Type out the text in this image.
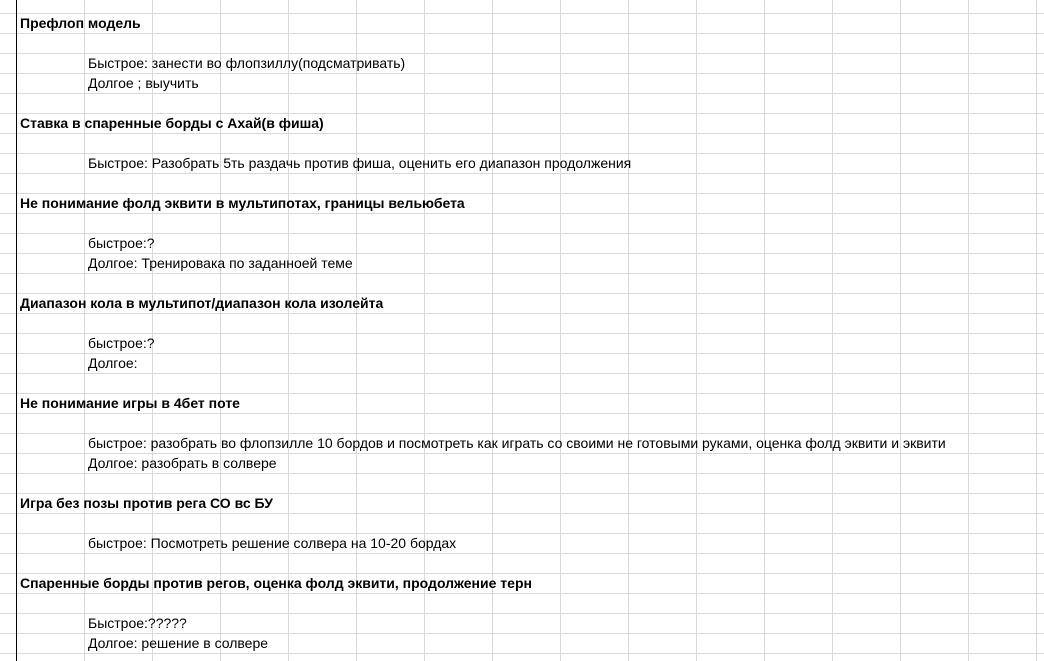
Префлоп модель
Быстрое: занести во флопзиллу(подсматривать)
Долгое ; выучить
Ставка в спаренные борды с Ахай(в фиша)
Быстрое: Разобрать 5ть раздачь против фиша, оценить его диапазон продолжения
Не понимание фолд эквити в мультипотах, границы вельюбета
быстрое:?
Долгое: Тренировака по заданноей теме
Диапазон кола в мультипот/диапазон кола изолейта
быстрое:?
Долгое:
Не понимание игры в 4бет поте
быстрое: разобрать во флопзилле 10 бордов и посмотреть как играть со своими не готовыми руками, оценка фолд эквити и эквити
Долгое: разобрать в солвере
Игра без позы против рега СО вс БУ
быстрое: Посмотреть решение солвера на 10-20 бордах
Спаренные борды против регов, оценка фолд эквити, продолжение терн
Быстрое:?????
Долгое: решение в солвере
